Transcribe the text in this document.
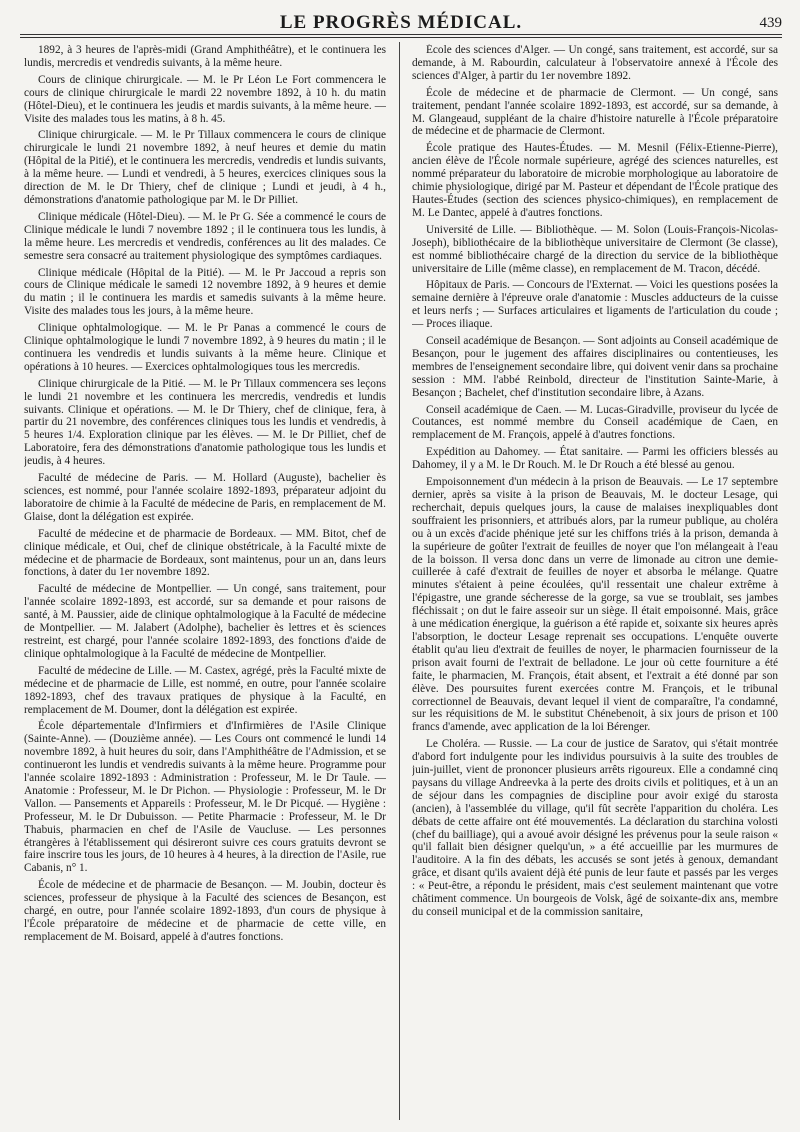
LE PROGRÈS MÉDICAL.	439

1892, à 3 heures de l'après-midi (Grand Amphithéâtre), et le continuera les lundis, mercredis et vendredis suivants, à la même heure.

Cours de clinique chirurgicale. — M. le Pr Léon Le Fort commencera le cours de clinique chirurgicale le mardi 22 novembre 1892, à 10 h. du matin (Hôtel-Dieu), et le continuera les jeudis et mardis suivants, à la même heure. — Visite des malades tous les matins, à 8 h. 45.

Clinique chirurgicale. — M. le Pr Tillaux commencera le cours de clinique chirurgicale le lundi 21 novembre 1892, à neuf heures et demie du matin (Hôpital de la Pitié), et le continuera les mercredis, vendredis et lundis suivants, à la même heure. — Lundi et vendredi, à 5 heures, exercices cliniques sous la direction de M. le Dr Thiery, chef de clinique ; Lundi et jeudi, à 4 h., démonstrations d'anatomie pathologique par M. le Dr Pilliet.

Clinique médicale (Hôtel-Dieu). — M. le Pr G. Sée a commencé le cours de Clinique médicale le lundi 7 novembre 1892 ; il le continuera tous les lundis, à la même heure. Les mercredis et vendredis, conférences au lit des malades. Ce semestre sera consacré au traitement physiologique des symptômes cardiaques.

Clinique médicale (Hôpital de la Pitié). — M. le Pr Jaccoud a repris son cours de Clinique médicale le samedi 12 novembre 1892, à 9 heures et demie du matin ; il le continuera les mardis et samedis suivants à la même heure. Visite des malades tous les jours, à la même heure.

Clinique ophtalmologique. — M. le Pr Panas a commencé le cours de Clinique ophtalmologique le lundi 7 novembre 1892, à 9 heures du matin ; il le continuera les vendredis et lundis suivants à la même heure. Clinique et opérations à 10 heures. — Exercices ophtalmologiques tous les mercredis.

Clinique chirurgicale de la Pitié. — M. le Pr Tillaux commencera ses leçons le lundi 21 novembre et les continuera les mercredis, vendredis et lundis suivants. Clinique et opérations. — M. le Dr Thiery, chef de clinique, fera, à partir du 21 novembre, des conférences cliniques tous les lundis et vendredis, à 5 heures 1/4. Exploration clinique par les élèves. — M. le Dr Pilliet, chef de Laboratoire, fera des démonstrations d'anatomie pathologique tous les lundis et jeudis, à 4 heures.

Faculté de médecine de Paris. — M. Hollard (Auguste), bachelier ès sciences, est nommé, pour l'année scolaire 1892-1893, préparateur adjoint du laboratoire de chimie à la Faculté de médecine de Paris, en remplacement de M. Glaise, dont la délégation est expirée.

Faculté de médecine et de pharmacie de Bordeaux. — MM. Bitot, chef de clinique médicale, et Oui, chef de clinique obstétricale, à la Faculté mixte de médecine et de pharmacie de Bordeaux, sont maintenus, pour un an, dans leurs fonctions, à dater du 1er novembre 1892.

Faculté de médecine de Montpellier. — Un congé, sans traitement, pour l'année scolaire 1892-1893, est accordé, sur sa demande et pour raisons de santé, à M. Paussier, aide de clinique ophtalmologique à la Faculté de médecine de Montpellier. — M. Jalabert (Adolphe), bachelier ès lettres et ès sciences restreint, est chargé, pour l'année scolaire 1892-1893, des fonctions d'aide de clinique ophtalmologique à la Faculté de médecine de Montpellier.

Faculté de médecine de Lille. — M. Castex, agrégé, près la Faculté mixte de médecine et de pharmacie de Lille, est nommé, en outre, pour l'année scolaire 1892-1893, chef des travaux pratiques de physique à la Faculté, en remplacement de M. Doumer, dont la délégation est expirée.

École départementale d'Infirmiers et d'Infirmières de l'Asile Clinique (Sainte-Anne). — (Douzième année). — Les Cours ont commencé le lundi 14 novembre 1892, à huit heures du soir, dans l'Amphithéâtre de l'Admission, et se continueront les lundis et vendredis suivants à la même heure. Programme pour l'année scolaire 1892-1893 : Administration : Professeur, M. le Dr Taule. — Anatomie : Professeur, M. le Dr Pichon. — Physiologie : Professeur, M. le Dr Vallon. — Pansements et Appareils : Professeur, M. le Dr Picqué. — Hygiène : Professeur, M. le Dr Dubuisson. — Petite Pharmacie : Professeur, M. le Dr Thabuis, pharmacien en chef de l'Asile de Vaucluse. — Les personnes étrangères à l'établissement qui désireront suivre ces cours gratuits devront se faire inscrire tous les jours, de 10 heures à 4 heures, à la direction de l'Asile, rue Cabanis, n° 1.

École de médecine et de pharmacie de Besançon. — M. Joubin, docteur ès sciences, professeur de physique à la Faculté des sciences de Besançon, est chargé, en outre, pour l'année scolaire 1892-1893, d'un cours de physique à l'École préparatoire de médecine et de pharmacie de cette ville, en remplacement de M. Boisard, appelé à d'autres fonctions.

École des sciences d'Alger. — Un congé, sans traitement, est accordé, sur sa demande, à M. Rabourdin, calculateur à l'observatoire annexé à l'École des sciences d'Alger, à partir du 1er novembre 1892.

École de médecine et de pharmacie de Clermont. — Un congé, sans traitement, pendant l'année scolaire 1892-1893, est accordé, sur sa demande, à M. Glangeaud, suppléant de la chaire d'histoire naturelle à l'École préparatoire de médecine et de pharmacie de Clermont.

École pratique des Hautes-Études. — M. Mesnil (Félix-Etienne-Pierre), ancien élève de l'École normale supérieure, agrégé des sciences naturelles, est nommé préparateur du laboratoire de microbie morphologique au laboratoire de chimie physiologique, dirigé par M. Pasteur et dépendant de l'École pratique des Hautes-Études (section des sciences physico-chimiques), en remplacement de M. Le Dantec, appelé à d'autres fonctions.

Université de Lille. — Bibliothèque. — M. Solon (Louis-François-Nicolas-Joseph), bibliothécaire de la bibliothèque universitaire de Clermont (3e classe), est nommé bibliothécaire chargé de la direction du service de la bibliothèque universitaire de Lille (même classe), en remplacement de M. Tracon, décédé.

Hôpitaux de Paris. — Concours de l'Externat. — Voici les questions posées la semaine dernière à l'épreuve orale d'anatomie : Muscles adducteurs de la cuisse et leurs nerfs ; — Surfaces articulaires et ligaments de l'articulation du coude ; — Proces iliaque.

Conseil académique de Besançon. — Sont adjoints au Conseil académique de Besançon, pour le jugement des affaires disciplinaires ou contentieuses, les membres de l'enseignement secondaire libre, qui doivent venir dans sa prochaine session : MM. l'abbé Reinbold, directeur de l'institution Sainte-Marie, à Besançon ; Bachelet, chef d'institution secondaire libre, à Azans.

Conseil académique de Caen. — M. Lucas-Giradville, proviseur du lycée de Coutances, est nommé membre du Conseil académique de Caen, en remplacement de M. François, appelé à d'autres fonctions.

Expédition au Dahomey. — État sanitaire. — Parmi les officiers blessés au Dahomey, il y a M. le Dr Rouch. M. le Dr Rouch a été blessé au genou.

Empoisonnement d'un médecin à la prison de Beauvais. — Le 17 septembre dernier, après sa visite à la prison de Beauvais, M. le docteur Lesage, qui recherchait, depuis quelques jours, la cause de malaises inexpliquables dont souffraient les prisonniers, et attribués alors, par la rumeur publique, au choléra ou à un excès d'acide phénique jeté sur les chiffons triés à la prison, demanda à la supérieure de goûter l'extrait de feuilles de noyer que l'on mélangeait à l'eau de la boisson. Il versa donc dans un verre de limonade au citron une demie-cuillerée à café d'extrait de feuilles de noyer et absorba le mélange. Quatre minutes s'étaient à peine écoulées, qu'il ressentait une chaleur extrême à l'épigastre, une grande sécheresse de la gorge, sa vue se troublait, ses jambes fléchissait ; on dut le faire asseoir sur un siège. Il était empoisonné. Mais, grâce à une médication énergique, la guérison a été rapide et, soixante six heures après l'absorption, le docteur Lesage reprenait ses occupations. L'enquête ouverte établit qu'au lieu d'extrait de feuilles de noyer, le pharmacien fournisseur de la prison avait fourni de l'extrait de belladone. Le jour où cette fourniture a été faite, le pharmacien, M. François, était absent, et l'extrait a été donné par son élève. Des poursuites furent exercées contre M. François, et le tribunal correctionnel de Beauvais, devant lequel il vient de comparaître, l'a condamné, sur les réquisitions de M. le substitut Chénebenoit, à six jours de prison et 100 francs d'amende, avec application de la loi Bérenger.

Le Choléra. — Russie. — La cour de justice de Saratov, qui s'était montrée d'abord fort indulgente pour les individus poursuivis à la suite des troubles de juin-juillet, vient de prononcer plusieurs arrêts rigoureux. Elle a condamné cinq paysans du village Andreevka à la perte des droits civils et politiques, et à un an de séjour dans les compagnies de discipline pour avoir exigé du starosta (ancien), à l'assemblée du village, qu'il fût secrète l'apparition du choléra. Les débats de cette affaire ont été mouvementés. La déclaration du starchina volosti (chef du bailliage), qui a avoué avoir désigné les prévenus pour la seule raison « qu'il fallait bien désigner quelqu'un, » a été accueillie par les murmures de l'auditoire. A la fin des débats, les accusés se sont jetés à genoux, demandant grâce, et disant qu'ils avaient déjà été punis de leur faute et passés par les verges : « Peut-être, a répondu le président, mais c'est seulement maintenant que votre châtiment commence. Un bourgeois de Volsk, âgé de soixante-dix ans, membre du conseil municipal et de la commission sanitaire,
